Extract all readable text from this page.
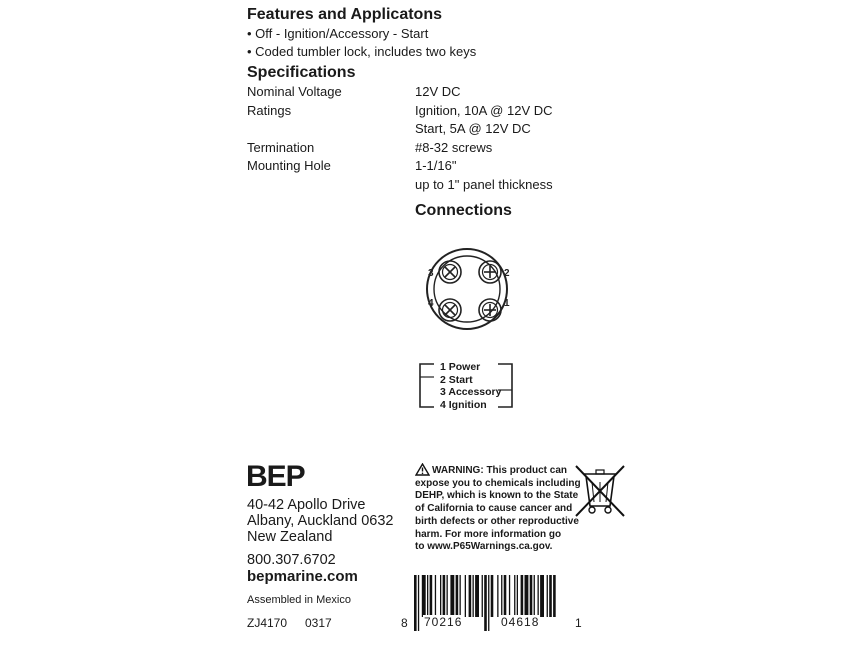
Features and Applicatons
• Off - Ignition/Accessory - Start
• Coded tumbler lock, includes two keys
Specifications
Nominal Voltage	12V DC
Ratings	Ignition, 10A @ 12V DC
Start, 5A @ 12V DC
Termination	#8-32 screws
Mounting Hole	1-1/16"
up to 1" panel thickness
Connections
3	2
4	1
1 Power
2 Start
3 Accessory
4 Ignition
BEP
40-42 Apollo Drive
Albany, Auckland 0632
New Zealand
800.307.6702
bepmarine.com
Assembled in Mexico
ZJ4170 0317
WARNING: This product can
expose you to chemicals including
DEHP, which is known to the State
of California to cause cancer and
birth defects or other reproductive
harm. For more information go
to www.P65Warnings.ca.gov.
8 70216	04618	1
